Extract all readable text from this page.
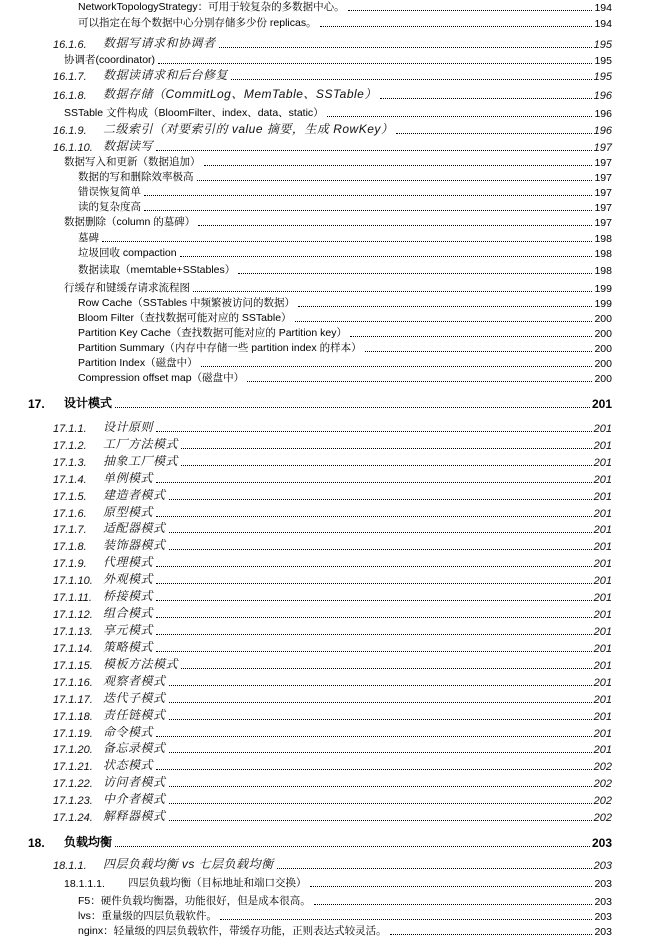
NetworkTopologyStrategy：可用于较复杂的多数据中心。	194
可以指定在每个数据中心分别存储多少份 replicas。	194
16.1.6.	数据写请求和协调者	195
协调者(coordinator)	195
16.1.7.	数据读请求和后台修复	195
16.1.8.	数据存储（CommitLog、MemTable、SSTable）	196
SSTable 文件构成（BloomFilter、index、data、static）	196
16.1.9.	二级索引（对要索引的 value 摘要，生成 RowKey）	196
16.1.10. 数据读写	197
数据写入和更新（数据追加）	197
数据的写和删除效率极高	197
错误恢复简单	197
读的复杂度高	197
数据删除（column 的墓碑）	197
墓碑	198
垃圾回收 compaction	198
数据读取（memtable+SStables）	198
行缓存和键缓存请求流程图	199
Row Cache（SSTables 中频繁被访问的数据）	199
Bloom Filter（查找数据可能对应的 SSTable）	200
Partition Key Cache（查找数据可能对应的 Partition key）	200
Partition Summary（内存中存储一些 partition index 的样本）	200
Partition Index（磁盘中）	200
Compression offset map（磁盘中）	200
17.	设计模式	201
17.1.1.	设计原则	201
17.1.2.	工厂方法模式	201
17.1.3.	抽象工厂模式	201
17.1.4.	单例模式	201
17.1.5.	建造者模式	201
17.1.6.	原型模式	201
17.1.7.	适配器模式	201
17.1.8.	装饰器模式	201
17.1.9.	代理模式	201
17.1.10. 外观模式	201
17.1.11. 桥接模式	201
17.1.12. 组合模式	201
17.1.13. 享元模式	201
17.1.14. 策略模式	201
17.1.15. 模板方法模式	201
17.1.16. 观察者模式	201
17.1.17. 迭代子模式	201
17.1.18. 责任链模式	201
17.1.19. 命令模式	201
17.1.20. 备忘录模式	201
17.1.21. 状态模式	202
17.1.22. 访问者模式	202
17.1.23. 中介者模式	202
17.1.24. 解释器模式	202
18.	负载均衡	203
18.1.1.	四层负载均衡 vs 七层负载均衡	203
18.1.1.1.	四层负载均衡（目标地址和端口交换）	203
F5：硬件负载均衡器，功能很好，但是成本很高。	203
lvs：重量级的四层负载软件。	203
nginx：轻量级的四层负载软件，带缓存功能，正则表达式较灵活。	203
